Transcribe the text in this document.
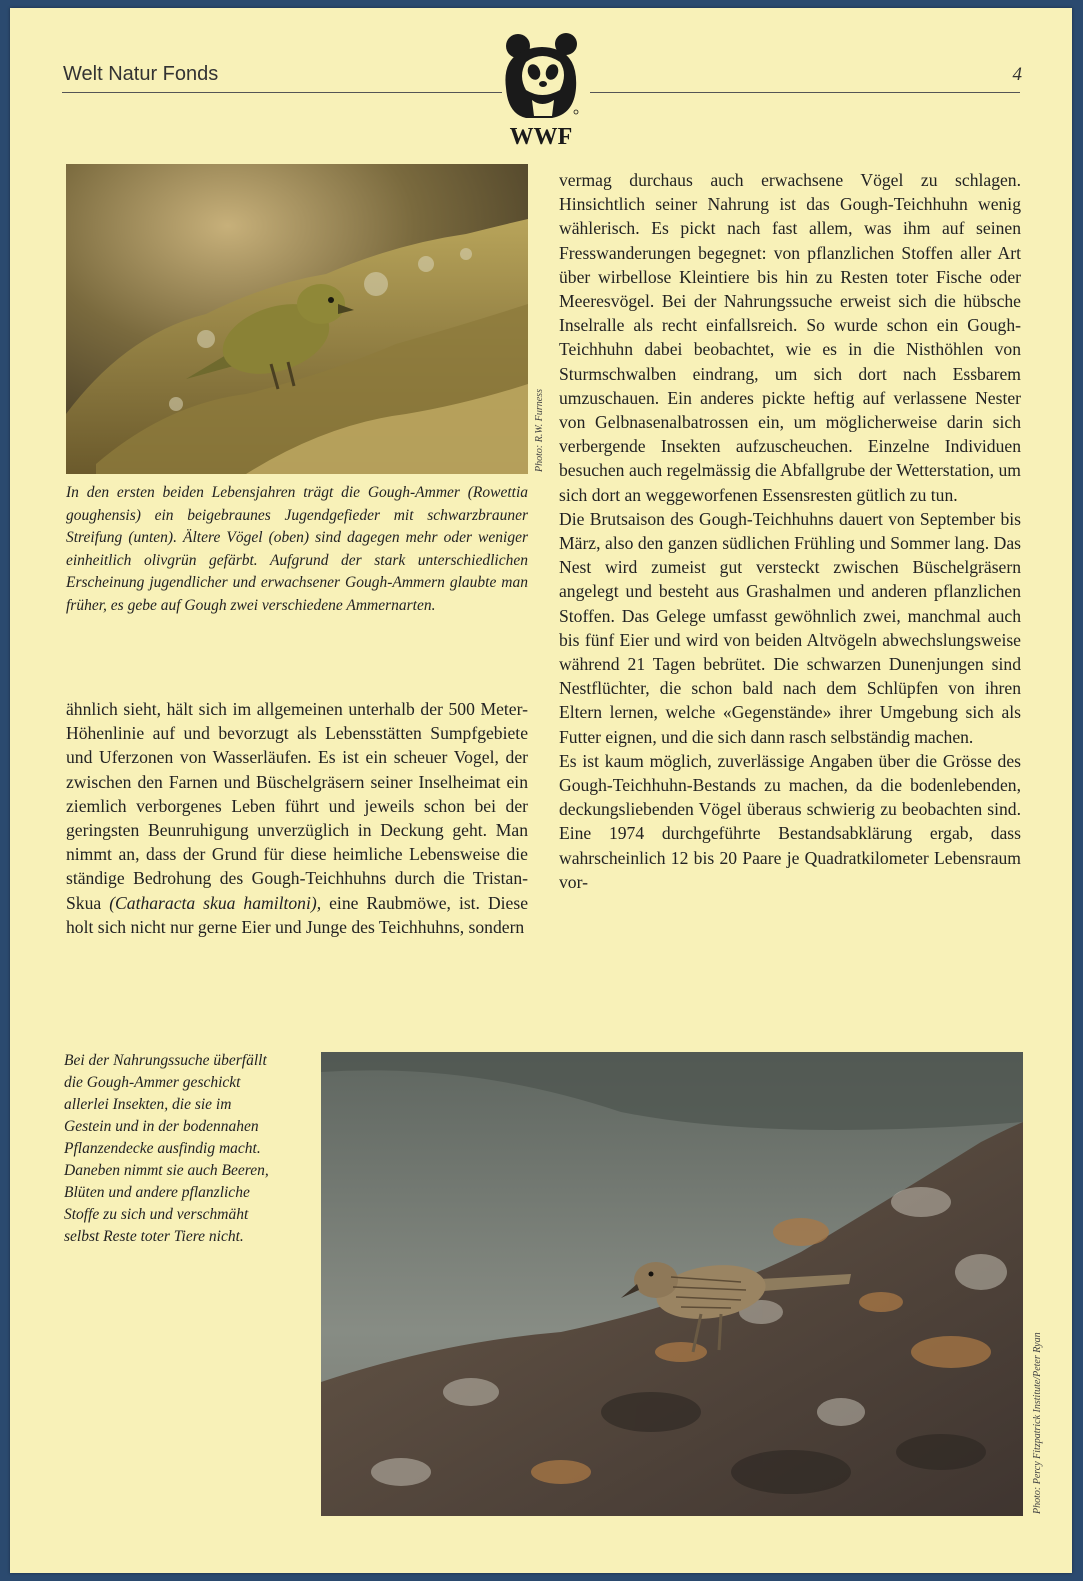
Welt Natur Fonds	4
WWF
Photo: R.W. Furness
In den ersten beiden Lebensjahren trägt die Gough-Ammer (Rowettia goughensis) ein beigebraunes Jugendgefieder mit schwarzbrauner Streifung (unten). Ältere Vögel (oben) sind dagegen mehr oder weniger einheitlich olivgrün gefärbt. Aufgrund der stark unterschiedlichen Erscheinung jugendlicher und erwachsener Gough-Ammern glaubte man früher, es gebe auf Gough zwei verschiedene Ammernarten.

ähnlich sieht, hält sich im allgemeinen unterhalb der 500 Meter-Höhenlinie auf und bevorzugt als Lebensstätten Sumpfgebiete und Uferzonen von Wasserläufen. Es ist ein scheuer Vogel, der zwischen den Farnen und Büschelgräsern seiner Inselheimat ein ziemlich verborgenes Leben führt und jeweils schon bei der geringsten Beunruhigung unverzüglich in Deckung geht. Man nimmt an, dass der Grund für diese heimliche Lebensweise die ständige Bedrohung des Gough-Teichhuhns durch die Tristan-Skua (Catharacta skua hamiltoni), eine Raubmöwe, ist. Diese holt sich nicht nur gerne Eier und Junge des Teichhuhns, sondern

vermag durchaus auch erwachsene Vögel zu schlagen. Hinsichtlich seiner Nahrung ist das Gough-Teichhuhn wenig wählerisch. Es pickt nach fast allem, was ihm auf seinen Fresswanderungen begegnet: von pflanzlichen Stoffen aller Art über wirbellose Kleintiere bis hin zu Resten toter Fische oder Meeresvögel. Bei der Nahrungssuche erweist sich die hübsche Inselralle als recht einfallsreich. So wurde schon ein Gough-Teichhuhn dabei beobachtet, wie es in die Nisthöhlen von Sturmschwalben eindrang, um sich dort nach Essbarem umzuschauen. Ein anderes pickte heftig auf verlassene Nester von Gelbnasenalbatrossen ein, um möglicherweise darin sich verbergende Insekten aufzuscheuchen. Einzelne Individuen besuchen auch regelmässig die Abfallgrube der Wetterstation, um sich dort an weggeworfenen Essensresten gütlich zu tun.

Die Brutsaison des Gough-Teichhuhns dauert von September bis März, also den ganzen südlichen Frühling und Sommer lang. Das Nest wird zumeist gut versteckt zwischen Büschelgräsern angelegt und besteht aus Grashalmen und anderen pflanzlichen Stoffen. Das Gelege umfasst gewöhnlich zwei, manchmal auch bis fünf Eier und wird von beiden Altvögeln abwechslungsweise während 21 Tagen bebrütet. Die schwarzen Dunenjungen sind Nestflüchter, die schon bald nach dem Schlüpfen von ihren Eltern lernen, welche «Gegenstände» ihrer Umgebung sich als Futter eignen, und die sich dann rasch selbständig machen.

Es ist kaum möglich, zuverlässige Angaben über die Grösse des Gough-Teichhuhn-Bestands zu machen, da die bodenlebenden, deckungsliebenden Vögel überaus schwierig zu beobachten sind. Eine 1974 durchgeführte Bestandsabklärung ergab, dass wahrscheinlich 12 bis 20 Paare je Quadratkilometer Lebensraum vor-

Bei der Nahrungssuche überfällt die Gough-Ammer geschickt allerlei Insekten, die sie im Gestein und in der bodennahen Pflanzendecke ausfindig macht. Daneben nimmt sie auch Beeren, Blüten und andere pflanzliche Stoffe zu sich und verschmäht selbst Reste toter Tiere nicht.
Photo: Percy Fitzpatrick Institute/Peter Ryan
